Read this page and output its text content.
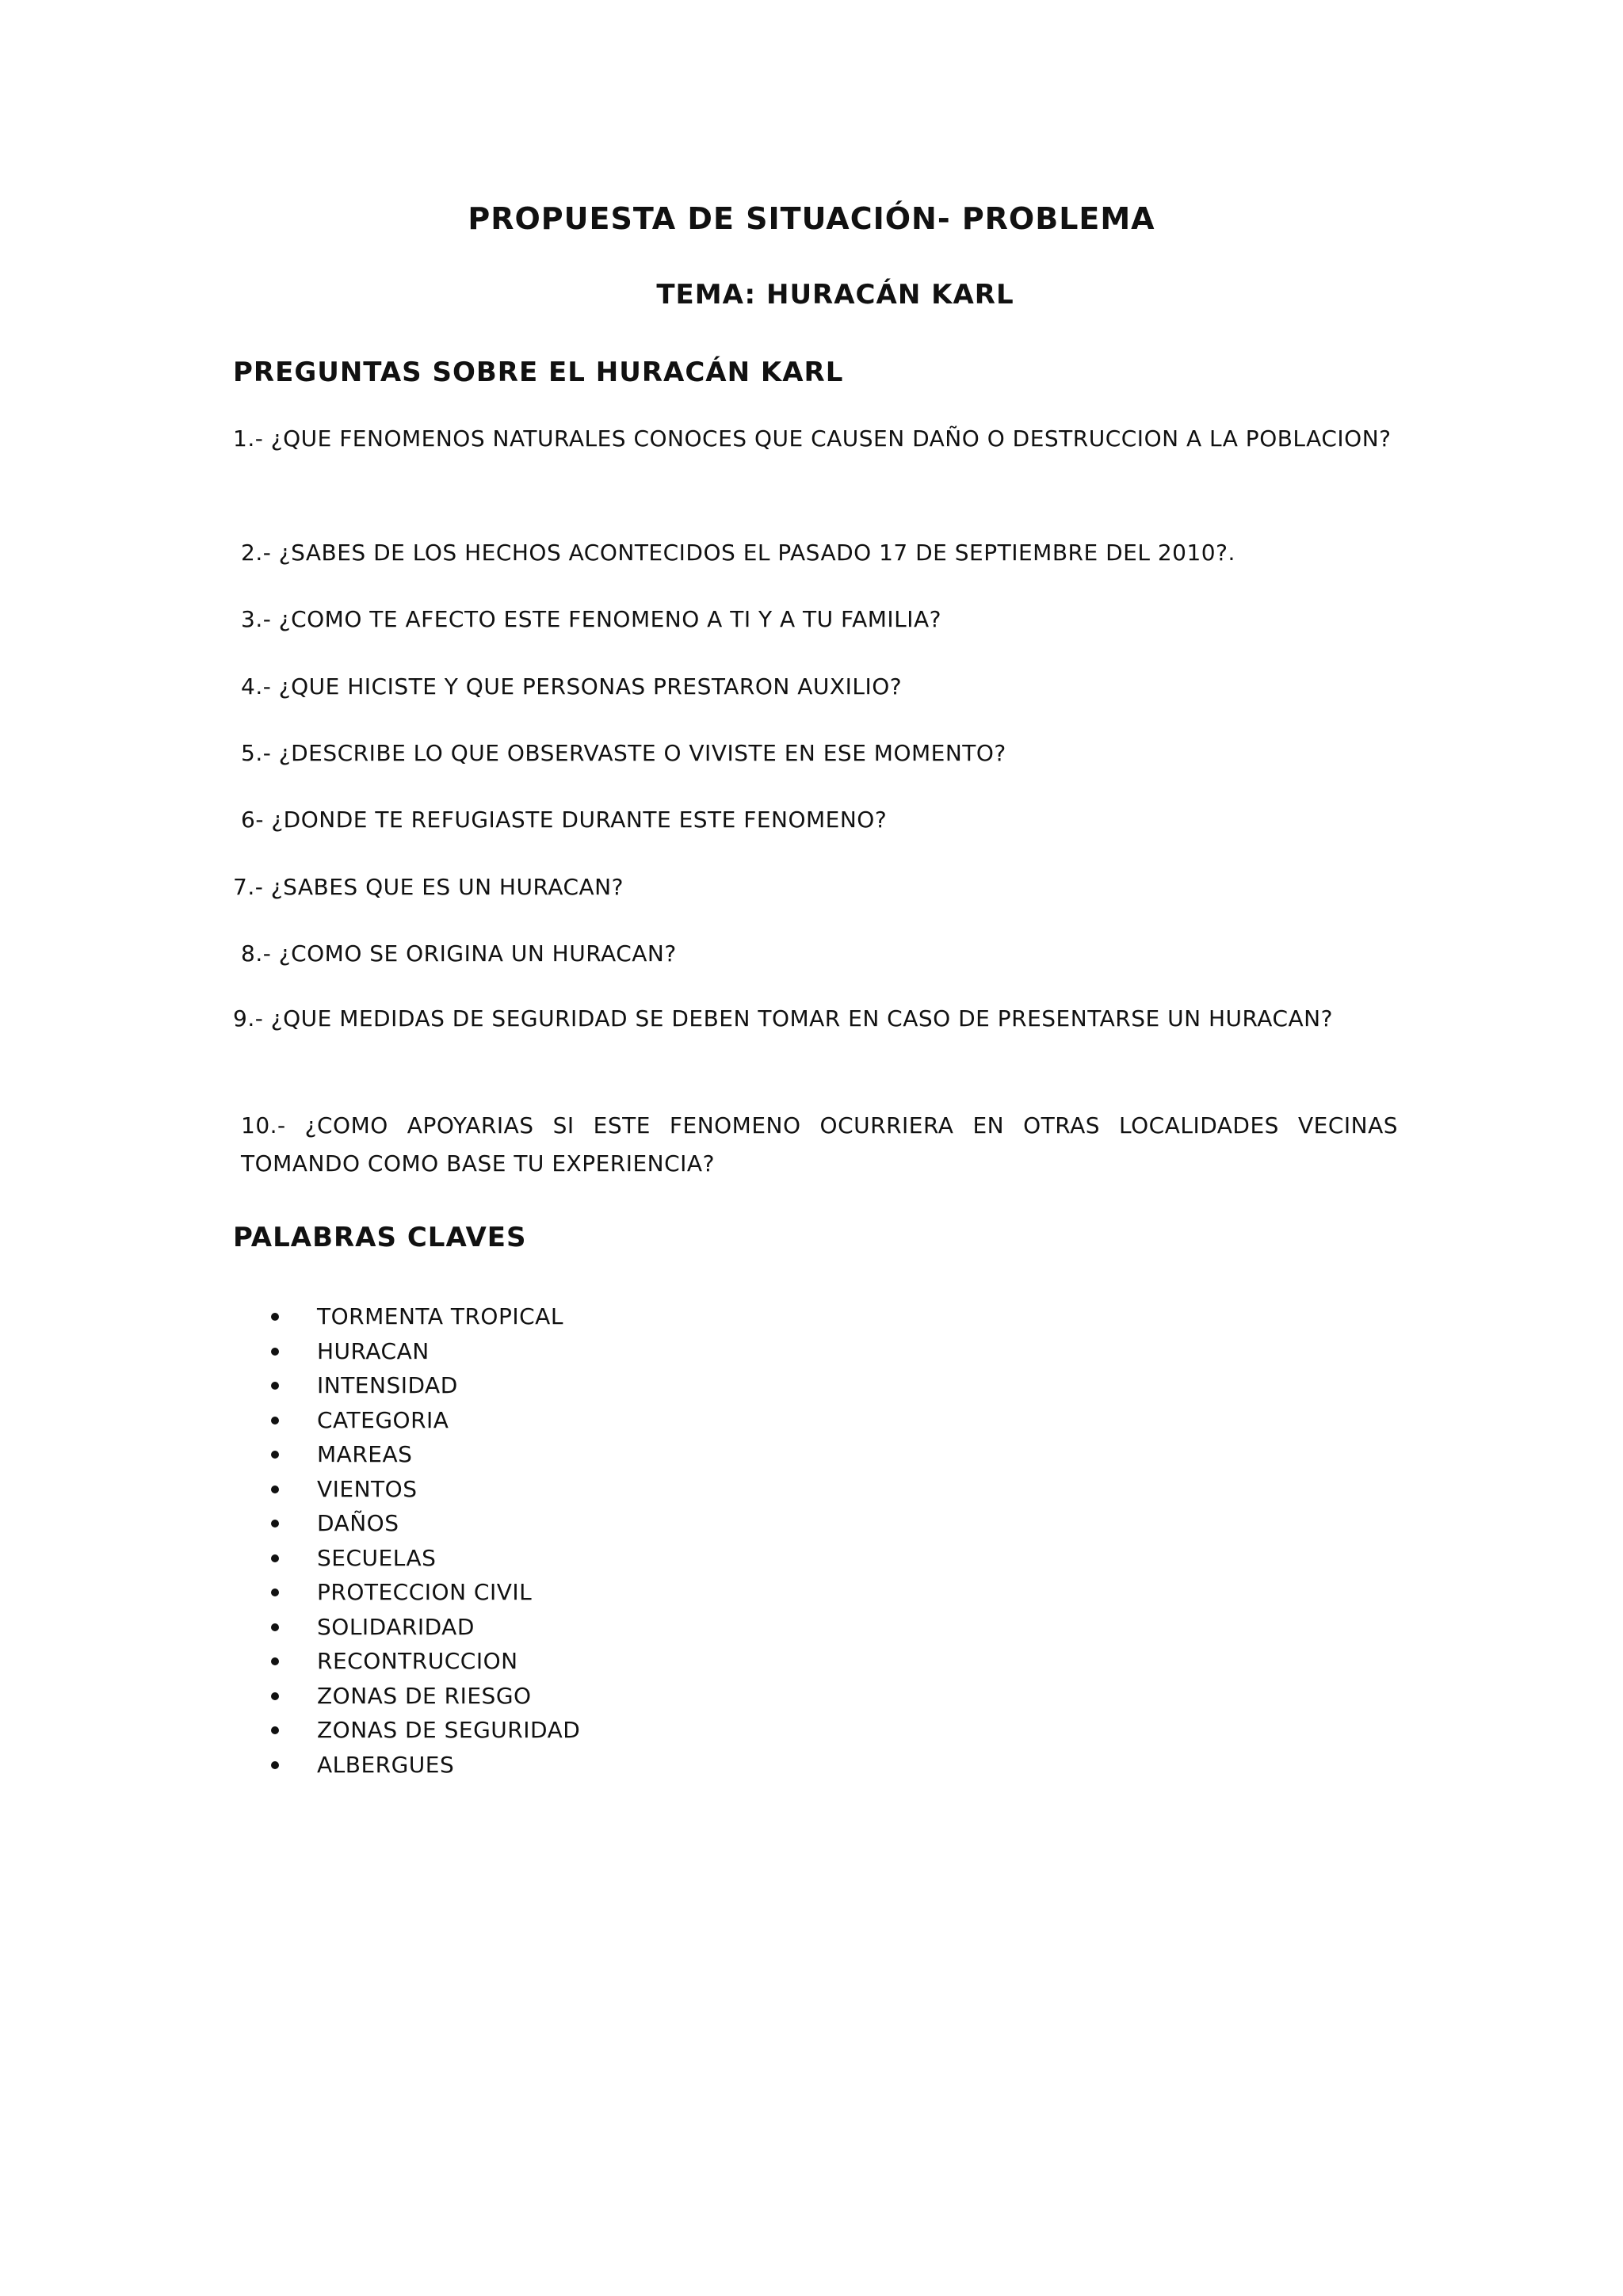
PROPUESTA DE SITUACIÓN- PROBLEMA
TEMA: HURACÁN KARL
PREGUNTAS SOBRE EL HURACÁN KARL
1.- ¿QUE FENOMENOS NATURALES CONOCES QUE CAUSEN DAÑO O DESTRUCCION A LA POBLACION?
2.- ¿SABES DE LOS HECHOS ACONTECIDOS EL PASADO 17 DE SEPTIEMBRE DEL 2010?.
3.- ¿COMO TE AFECTO ESTE FENOMENO A TI Y A TU FAMILIA?
4.- ¿QUE HICISTE Y QUE PERSONAS PRESTARON AUXILIO?
5.- ¿DESCRIBE LO QUE OBSERVASTE O VIVISTE EN ESE MOMENTO?
6- ¿DONDE TE REFUGIASTE DURANTE ESTE FENOMENO?
7.- ¿SABES QUE ES UN HURACAN?
8.- ¿COMO SE ORIGINA UN HURACAN?
9.- ¿QUE MEDIDAS DE SEGURIDAD SE DEBEN TOMAR EN CASO DE PRESENTARSE UN HURACAN?
10.- ¿COMO APOYARIAS SI ESTE FENOMENO OCURRIERA EN OTRAS LOCALIDADES VECINAS TOMANDO COMO BASE TU EXPERIENCIA?
PALABRAS CLAVES
TORMENTA TROPICAL
HURACAN
INTENSIDAD
CATEGORIA
MAREAS
VIENTOS
DAÑOS
SECUELAS
PROTECCION CIVIL
SOLIDARIDAD
RECONTRUCCION
ZONAS DE RIESGO
ZONAS DE SEGURIDAD
ALBERGUES
